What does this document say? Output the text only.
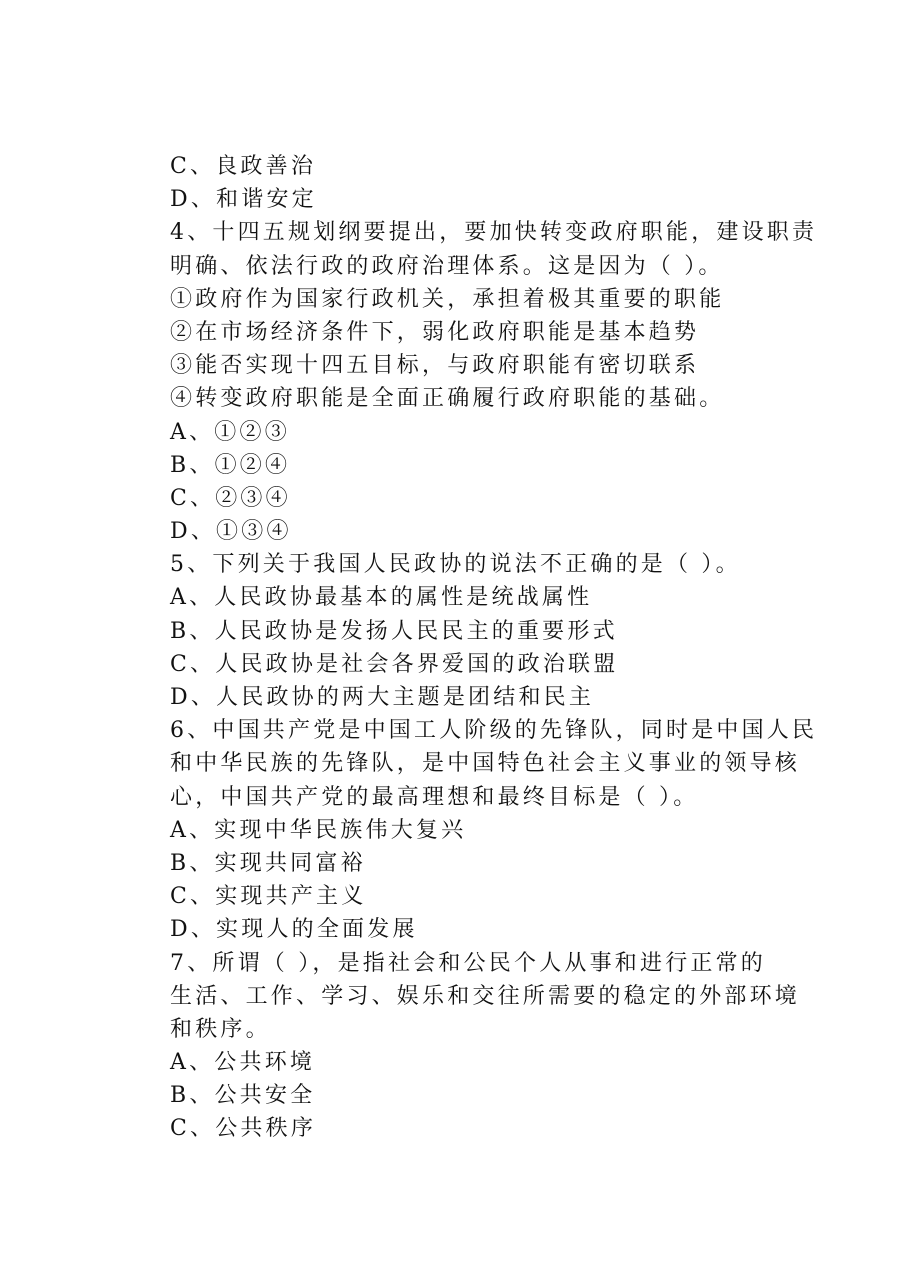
C、良政善治

D、和谐安定

4、十四五规划纲要提出，要加快转变政府职能，建设职责

明确、依法行政的政府治理体系。这是因为（ ）。

①政府作为国家行政机关，承担着极其重要的职能

②在市场经济条件下，弱化政府职能是基本趋势

③能否实现十四五目标，与政府职能有密切联系

④转变政府职能是全面正确履行政府职能的基础。

A、①②③

B、①②④

C、②③④

D、①③④

5、下列关于我国人民政协的说法不正确的是（ ）。

A、人民政协最基本的属性是统战属性

B、人民政协是发扬人民民主的重要形式

C、人民政协是社会各界爱国的政治联盟

D、人民政协的两大主题是团结和民主

6、中国共产党是中国工人阶级的先锋队，同时是中国人民

和中华民族的先锋队，是中国特色社会主义事业的领导核

心，中国共产党的最高理想和最终目标是（ ）。

A、实现中华民族伟大复兴

B、实现共同富裕

C、实现共产主义

D、实现人的全面发展

7、所谓（ ），是指社会和公民个人从事和进行正常的

生活、工作、学习、娱乐和交往所需要的稳定的外部环境

和秩序。

A、公共环境

B、公共安全

C、公共秩序
